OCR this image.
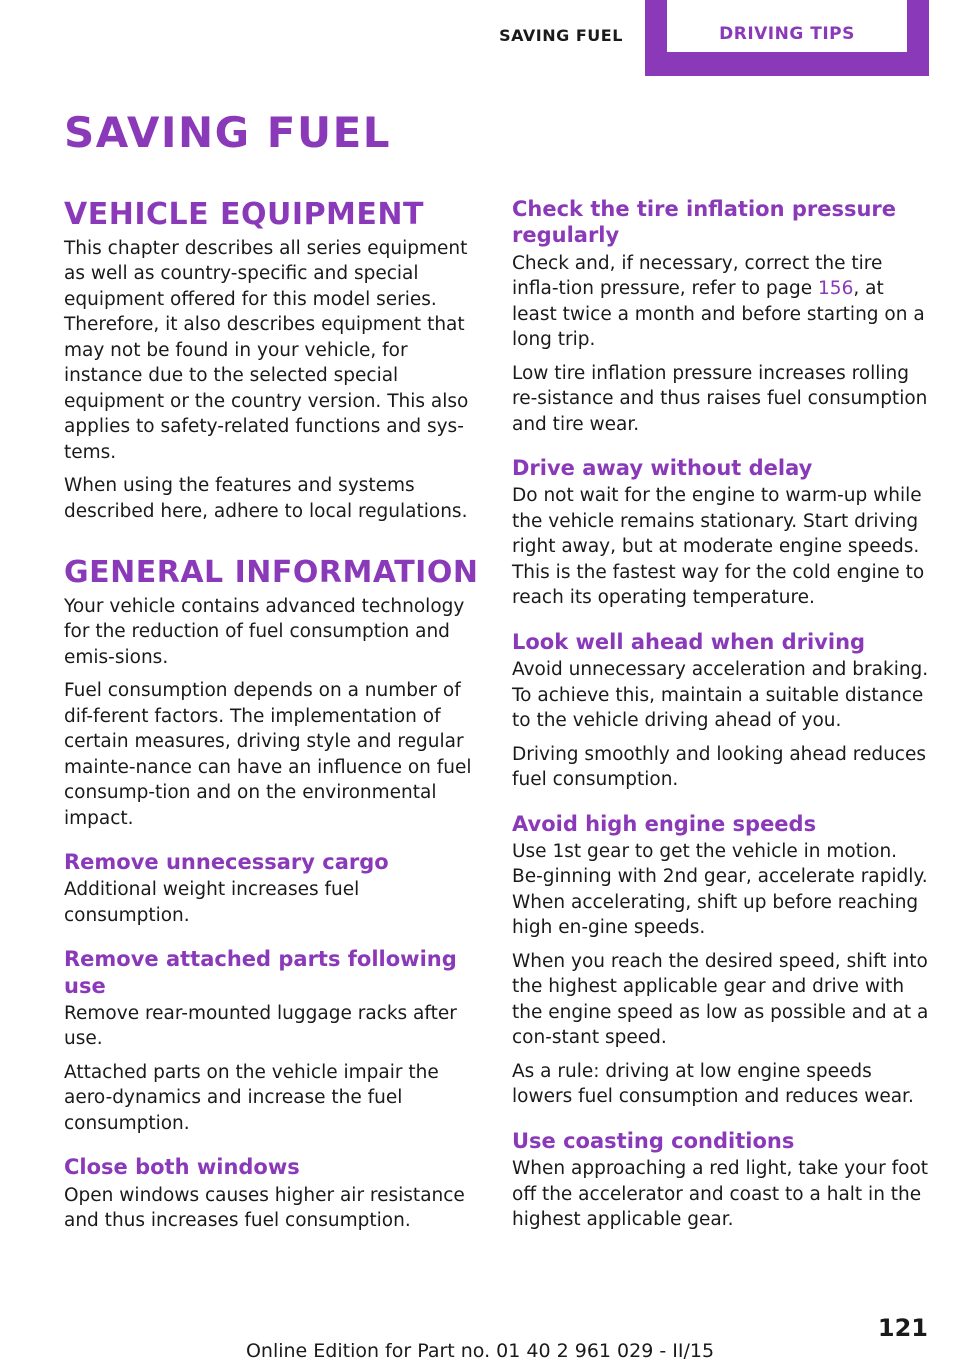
SAVING FUEL	DRIVING TIPS
SAVING FUEL
VEHICLE EQUIPMENT

This chapter describes all series equipment as well as country-specific and special equipment offered for this model series. Therefore, it also describes equipment that may not be found in your vehicle, for instance due to the selected special equipment or the country version. This also applies to safety-related functions and sys-tems.

When using the features and systems described here, adhere to local regulations.

GENERAL INFORMATION

Your vehicle contains advanced technology for the reduction of fuel consumption and emis-sions.

Fuel consumption depends on a number of dif-ferent factors. The implementation of certain measures, driving style and regular mainte-nance can have an influence on fuel consump-tion and on the environmental impact.

Remove unnecessary cargo

Additional weight increases fuel consumption.

Remove attached parts following use

Remove rear-mounted luggage racks after use.

Attached parts on the vehicle impair the aero-dynamics and increase the fuel consumption.

Close both windows

Open windows causes higher air resistance and thus increases fuel consumption.

Check the tire inflation pressure regularly

Check and, if necessary, correct the tire infla-tion pressure, refer to page 156, at least twice a month and before starting on a long trip.

Low tire inflation pressure increases rolling re-sistance and thus raises fuel consumption and tire wear.

Drive away without delay

Do not wait for the engine to warm-up while the vehicle remains stationary. Start driving right away, but at moderate engine speeds. This is the fastest way for the cold engine to reach its operating temperature.

Look well ahead when driving

Avoid unnecessary acceleration and braking. To achieve this, maintain a suitable distance to the vehicle driving ahead of you.

Driving smoothly and looking ahead reduces fuel consumption.

Avoid high engine speeds

Use 1st gear to get the vehicle in motion. Be-ginning with 2nd gear, accelerate rapidly. When accelerating, shift up before reaching high en-gine speeds.

When you reach the desired speed, shift into the highest applicable gear and drive with the engine speed as low as possible and at a con-stant speed.

As a rule: driving at low engine speeds lowers fuel consumption and reduces wear.

Use coasting conditions

When approaching a red light, take your foot off the accelerator and coast to a halt in the highest applicable gear.

121
Online Edition for Part no. 01 40 2 961 029 - II/15
